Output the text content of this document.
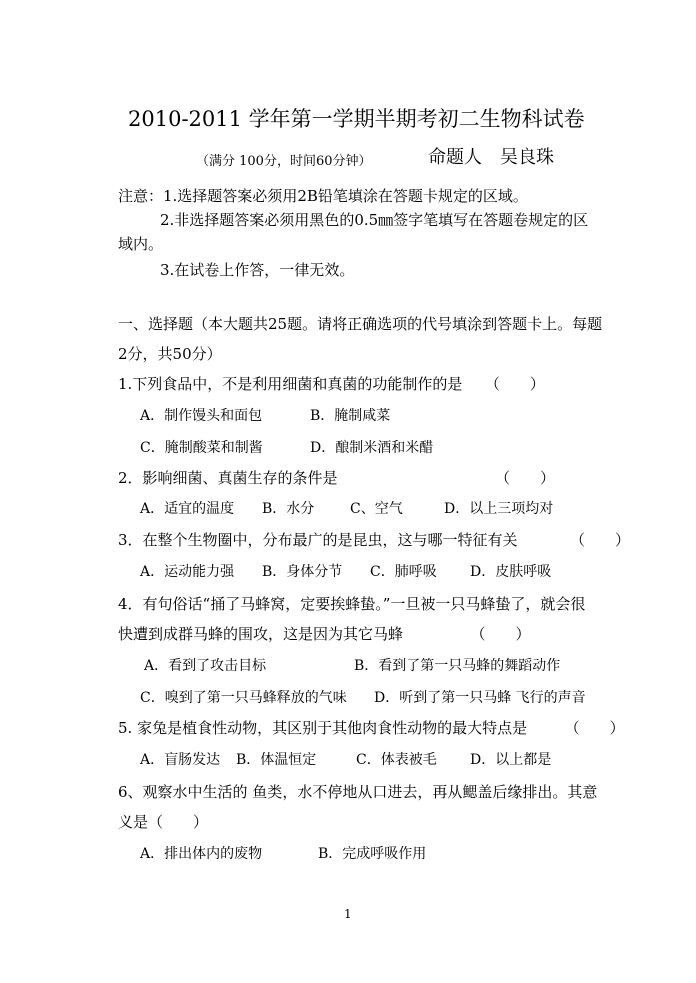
2010-2011 学年第一学期半期考初二生物科试卷
（满分 100分，时间60分钟）	命题人　吴良珠
注意：1.选择题答案必须用2B铅笔填涂在答题卡规定的区域。
2.非选择题答案必须用黑色的0.5㎜签字笔填写在答题卷规定的区
域内。
3.在试卷上作答，一律无效。
一、选择题（本大题共25题。请将正确选项的代号填涂到答题卡上。每题
2分，共50分）
1.下列食品中，不是利用细菌和真菌的功能制作的是　　（　　）
A．制作馒头和面包	B．腌制咸菜
C．腌制酸菜和制酱	D．酿制米酒和米醋
2．影响细菌、真菌生存的条件是　　　　　　　　　　　（　　）
A．适宜的温度 B．水分	C、空气	D．以上三项均对
3．在整个生物圈中，分布最广的是昆虫，这与哪一特征有关　　　　（　　）
A．运动能力强 B．身体分节 C．肺呼吸 D．皮肤呼吸
4．有句俗话“捅了马蜂窝，定要挨蜂蛰。”一旦被一只马蜂蛰了，就会很
快遭到成群马蜂的围攻，这是因为其它马蜂　　　　　（　　）
A．看到了攻击目标	B．看到了第一只马蜂的舞蹈动作
C．嗅到了第一只马蜂释放的气味 D．听到了第一只马蜂 飞行的声音
5. 家兔是植食性动物，其区别于其他肉食性动物的最大特点是　　　（　　）
A．盲肠发达 B．体温恒定	C．体表被毛 D．以上都是
6、观察水中生活的 鱼类，水不停地从口进去，再从鳃盖后缘排出。其意
义是（　　）
A．排出体内的废物	B．完成呼吸作用
1
